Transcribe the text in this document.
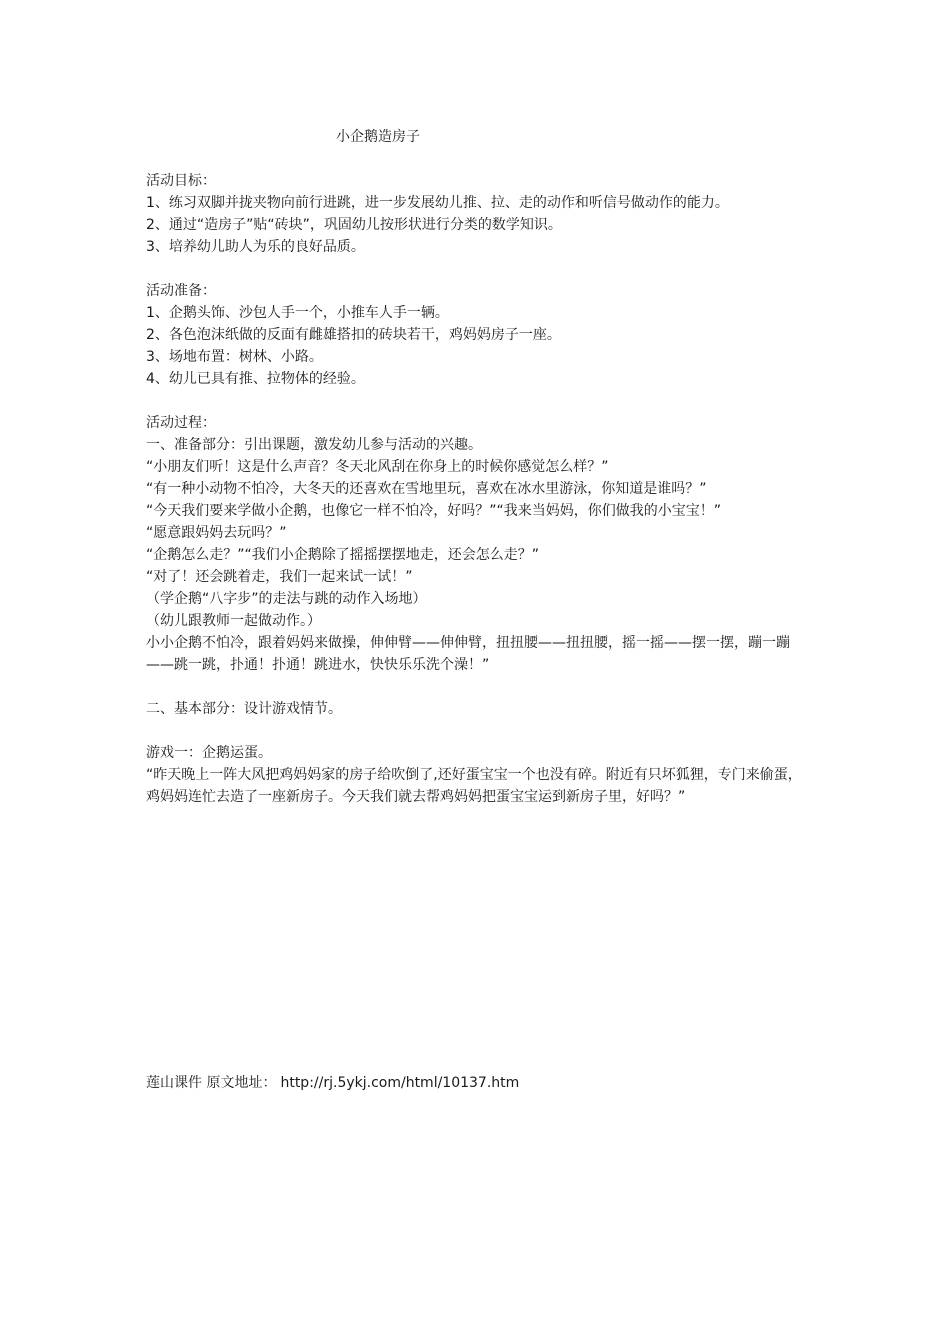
小企鹅造房子

活动目标：

1、练习双脚并拢夹物向前行进跳，进一步发展幼儿推、拉、走的动作和听信号做动作的能力。

2、通过“造房子”贴“砖块”，巩固幼儿按形状进行分类的数学知识。

3、培养幼儿助人为乐的良好品质。

活动准备：

1、企鹅头饰、沙包人手一个，小推车人手一辆。

2、各色泡沫纸做的反面有雌雄搭扣的砖块若干，鸡妈妈房子一座。

3、场地布置：树林、小路。

4、幼儿已具有推、拉物体的经验。

活动过程：

一、准备部分：引出课题，激发幼儿参与活动的兴趣。

“小朋友们听！这是什么声音？冬天北风刮在你身上的时候你感觉怎么样？”

“有一种小动物不怕冷，大冬天的还喜欢在雪地里玩，喜欢在冰水里游泳，你知道是谁吗？”

“今天我们要来学做小企鹅，也像它一样不怕冷，好吗？”“我来当妈妈，你们做我的小宝宝！”

“愿意跟妈妈去玩吗？”

“企鹅怎么走？”“我们小企鹅除了摇摇摆摆地走，还会怎么走？”

“对了！还会跳着走，我们一起来试一试！”

（学企鹅“八字步”的走法与跳的动作入场地）

（幼儿跟教师一起做动作。）

小小企鹅不怕冷，跟着妈妈来做操，伸伸臂——伸伸臂，扭扭腰——扭扭腰，摇一摇——摆一摆，蹦一蹦——跳一跳，扑通！扑通！跳进水，快快乐乐洗个澡！”

二、基本部分：设计游戏情节。

游戏一：企鹅运蛋。

“昨天晚上一阵大风把鸡妈妈家的房子给吹倒了,还好蛋宝宝一个也没有碎。附近有只坏狐狸，专门来偷蛋，鸡妈妈连忙去造了一座新房子。今天我们就去帮鸡妈妈把蛋宝宝运到新房子里，好吗？”

莲山课件 原文地址： http://rj.5ykj.com/html/10137.htm
